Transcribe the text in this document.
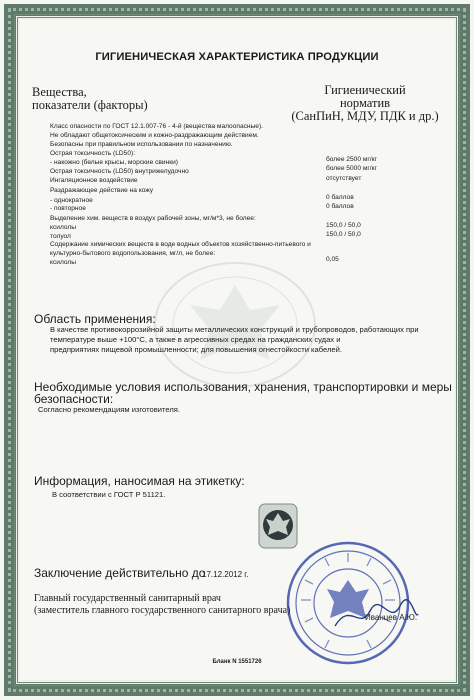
ГИГИЕНИЧЕСКАЯ ХАРАКТЕРИСТИКА ПРОДУКЦИИ
Вещества,
показатели (факторы)
Гигиенический
норматив
(СанПиН, МДУ, ПДК и др.)
Класс опасности по ГОСТ 12.1.007-76 - 4-й (вещества малоопасные).
Не обладают общетоксическим и кожно-раздражающим действием.
Безопасны при правильном использовании по назначению.
Острая токсичность (LD50):
- накожно (белые крысы, морские свинки)	более 2500 мг/кг
Острая токсичность (LD50) внутрижелудочно	более 5000 мг/кг
Ингаляционное воздействие	отсутствует
Раздражающее действие на кожу
- однократное	0 баллов
- повторное	0 баллов
Выделение хим. веществ в воздух рабочей зоны, мг/м*3, не более:
ксилолы	150,0 / 50,0
толуол	150,0 / 50,0
Содержание химических веществ в воде водных объектов хозяйственно-питьевого и
культурно-бытового водопользования, мг/л, не более:
ксилолы	0,05
Область применения:
В качестве противокоррозийной защиты металлических конструкций и трубопроводов, работающих при
температуре выше +100°С, а также в агрессивных средах на гражданских судах и
предприятиях пищевой промышленности; для повышения огнестойкости кабелей.
Необходимые условия использования, хранения, транспортировки и меры
безопасности:
Согласно рекомендациям изготовителя.
Информация, наносимая на этикетку:
В соответствии с ГОСТ Р 51121.
Заключение действительно до
17.12.2012 г.
Главный государственный санитарный врач
(заместитель главного государственного санитарного врача)
Иванцев А.Ю.
Бланк N 1551726
